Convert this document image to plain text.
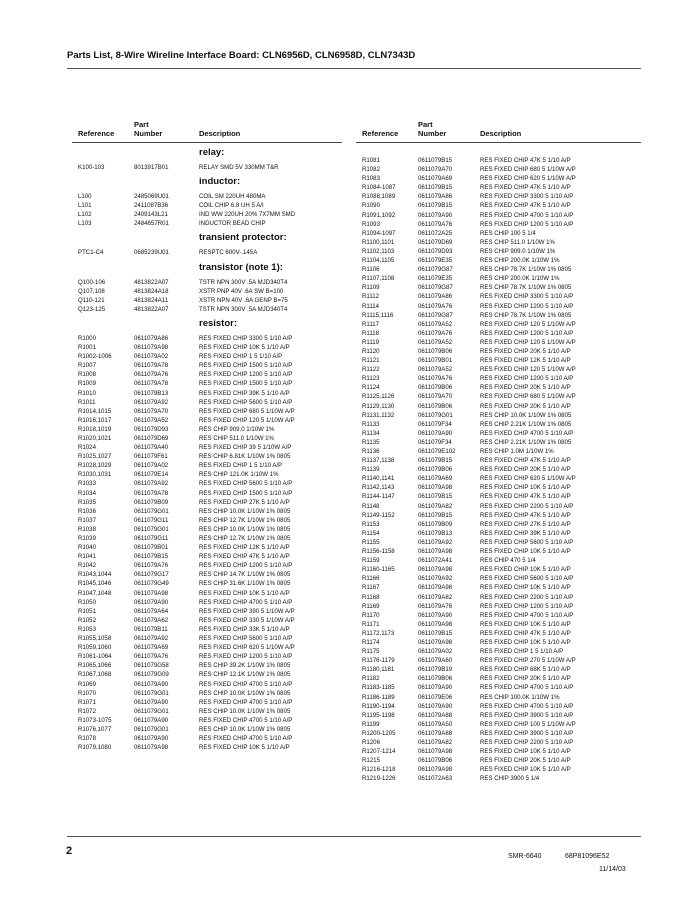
Parts List, 8-Wire Wireline Interface Board: CLN6956D, CLN6958D, CLN7343D
Reference
Part
Number	Description
relay:
K100-103	8013917B01	RELAY SMD 5V 330MM T&R
inductor:
L100	2485069U01	COIL SM 220UH 480MA
L101	2411087B36	COIL CHIP 6.8 UH 5 A/I
L102	2409143L21	IND WW 220UH 20% 7X7MM SMD
L103	2484657R01	INDUCTOR BEAD CHIP
transient protector:
PTC1-C4	0685239U01	RESPTC 600V-.145A
transistor (note 1):
Q100-106	4813822A07	TSTR NPN 300V .5A MJD340T4
Q107,108	4813824A18	XSTR PNP 40V .6A SW B=100
Q110-121	4813824A11	XSTR NPN 40V .6A GENP B=75
Q123-125	4813822A07	TSTR NPN 300V .5A MJD340T4
resistor:
R1000	0611079A86	RES FIXED CHIP 3300 5 1/10 A/P
R1001	0611079A98	RES FIXED CHIP 10K 5 1/10 A/P
R1002-1006	0611079A02	RES FIXED CHIP 1 5 1/10 A/P
R1007	0611079A78	RES FIXED CHIP 1500 5 1/10 A/P
R1008	0611079A76	RES FIXED CHIP 1200 5 1/10 A/P
R1009	0611079A78	RES FIXED CHIP 1500 5 1/10 A/P
R1010	0611079B13	RES FIXED CHIP 39K 5 1/10 A/P
R1011	0611079A92	RES FIXED CHIP 5600 5 1/10 A/P
R1014,1015	0611079A70	RES FIXED CHIP 680 5 1/10W A/P
R1016,1017	0611079A52	RES FIXED CHIP 120 5 1/10W A/P
R1018,1019	0611079D93	RES CHIP 909.0 1/10W 1%
R1020,1021	0611079D69	RES CHIP 511.0 1/10W 1%
R1024	0611079A40	RES FIXED CHIP 39 5 1/10W A/P
R1025,1027	0611079F61	RES CHIP 6.81K 1/10W 1% 0805
R1028,1029	0611079A02	RES FIXED CHIP 1 5 1/10 A/P
R1030,1031	0611079E14	RES CHIP 121.0K 1/10W 1%
R1033	0611079A92	RES FIXED CHIP 5600 5 1/10 A/P
R1034	0611079A78	RES FIXED CHIP 1500 5 1/10 A/P
R1035	0611079B09	RES FIXED CHIP 27K 5 1/10 A/P
R1036	0611079G01	RES CHIP 10.0K 1/10W 1% 0805
R1037	0611079G11	RES CHIP 12.7K 1/10W 1% 0805
R1038	0611079G01	RES CHIP 10.0K 1/10W 1% 0805
R1039	0611079G11	RES CHIP 12.7K 1/10W 1% 0805
R1040	0611079B01	RES FIXED CHIP 12K 5 1/10 A/P
R1041	0611079B15	RES FIXED CHIP 47K 5 1/10 A/P
R1042	0611079A76	RES FIXED CHIP 1200 5 1/10 A/P
R1043,1044	0611079G17	RES CHIP 14.7K 1/10W 1% 0805
R1045,1046	0611079G49	RES CHIP 31.6K 1/10W 1% 0805
R1047,1048	0611079A98	RES FIXED CHIP 10K 5 1/10 A/P
R1050	0611079A90	RES FIXED CHIP 4700 5 1/10 A/P
R1051	0611079A64	RES FIXED CHIP 390 5 1/10W A/P
R1052	0611079A62	RES FIXED CHIP 330 5 1/10W A/P
R1053	0611079B11	RES FIXED CHIP 33K 5 1/10 A/P
R1055,1058	0611079A92	RES FIXED CHIP 5600 5 1/10 A/P
R1059,1060	0611079A69	RES FIXED CHIP 620 5 1/10W A/P
R1061-1064	0611079A76	RES FIXED CHIP 1200 5 1/10 A/P
R1065,1066	0611079G58	RES CHIP 39.2K 1/10W 1% 0805
R1067,1068	0611079G09	RES CHIP 12.1K 1/10W 1% 0805
R1069	0611079A90	RES FIXED CHIP 4700 5 1/10 A/P
R1070	0611079G01	RES CHIP 10.0K 1/10W 1% 0805
R1071	0611079A90	RES FIXED CHIP 4700 5 1/10 A/P
R1072	0611079G01	RES CHIP 10.0K 1/10W 1% 0805
R1073-1075	0611079A90	RES FIXED CHIP 4700 5 1/10 A/P
R1076,1077	0611079G01	RES CHIP 10.0K 1/10W 1% 0805
R1078	0611079A90	RES FIXED CHIP 4700 5 1/10 A/P
R1079,1080	0611079A98	RES FIXED CHIP 10K 5 1/10 A/P
Reference
Part
Number	Description
R1081	0611079B15	RES FIXED CHIP 47K 5 1/10 A/P
R1082	0611079A70	RES FIXED CHIP 680 5 1/10W A/P
R1083	0611079A69	RES FIXED CHIP 620 5 1/10W A/P
R1084-1087	0611079B15	RES FIXED CHIP 47K 5 1/10 A/P
R1088,1089	0611079A86	RES FIXED CHIP 3300 5 1/10 A/P
R1090	0611079B15	RES FIXED CHIP 47K 5 1/10 A/P
R1091,1092	0611079A90	RES FIXED CHIP 4700 5 1/10 A/P
R1093	0611079A76	RES FIXED CHIP 1200 5 1/10 A/P
R1094-1097	0611072A25	RES CHIP 100 5 1/4
R1100,1101	0611079D69	RES CHIP 511.0 1/10W 1%
R1102,1103	0611079D93	RES CHIP 909.0 1/10W 1%
R1104,1105	0611079E35	RES CHIP 200.0K 1/10W 1%
R1106	0611079G87	RES CHIP 78.7K 1/10W 1% 0805
R1107,1108	0611079E35	RES CHIP 200.0K 1/10W 1%
R1109	0611079G87	RES CHIP 78.7K 1/10W 1% 0805
R1112	0611079A86	RES FIXED CHIP 3300 5 1/10 A/P
R1114	0611079A76	RES FIXED CHIP 1200 5 1/10 A/P
R1115,1116	0611079G87	RES CHIP 78.7K 1/10W 1% 0805
R1117	0611079A52	RES FIXED CHIP 120 5 1/10W A/P
R1118	0611079A76	RES FIXED CHIP 1200 5 1/10 A/P
R1119	0611079A52	RES FIXED CHIP 120 5 1/10W A/P
R1120	0611079B06	RES FIXED CHIP 20K 5 1/10 A/P
R1121	0611079B01	RES FIXED CHIP 12K 5 1/10 A/P
R1122	0611079A52	RES FIXED CHIP 120 5 1/10W A/P
R1123	0611079A76	RES FIXED CHIP 1200 5 1/10 A/P
R1124	0611079B06	RES FIXED CHIP 20K 5 1/10 A/P
R1125,1126	0611079A70	RES FIXED CHIP 680 5 1/10W A/P
R1129,1130	0611079B06	RES FIXED CHIP 20K 5 1/10 A/P
R1131,1132	0611079G01	RES CHIP 10.0K 1/10W 1% 0805
R1133	0611079F34	RES CHIP 2.21K 1/10W 1% 0805
R1134	0611079A90	RES FIXED CHIP 4700 5 1/10 A/P
R1135	0611079F34	RES CHIP 2.21K 1/10W 1% 0805
R1136	0611079E102	RES CHIP 1.0M 1/10W 1%
R1137,1138	0611079B15	RES FIXED CHIP 47K 5 1/10 A/P
R1139	0611079B06	RES FIXED CHIP 20K 5 1/10 A/P
R1140,1141	0611079A69	RES FIXED CHIP 620 5 1/10W A/P
R1142,1143	0611079A98	RES FIXED CHIP 10K 5 1/10 A/P
R1144-1147	0611079B15	RES FIXED CHIP 47K 5 1/10 A/P
R1148	0611079A82	RES FIXED CHIP 2200 5 1/10 A/P
R1149-1152	0611079B15	RES FIXED CHIP 47K 5 1/10 A/P
R1153	0611079B09	RES FIXED CHIP 27K 5 1/10 A/P
R1154	0611079B13	RES FIXED CHIP 39K 5 1/10 A/P
R1155	0611079A92	RES FIXED CHIP 5600 5 1/10 A/P
R1156-1158	0611079A98	RES FIXED CHIP 10K 5 1/10 A/P
R1159	0611072A41	RES CHIP 470 5 1/4
R1160-1165	0611079A98	RES FIXED CHIP 10K 5 1/10 A/P
R1166	0611079A92	RES FIXED CHIP 5600 5 1/10 A/P
R1167	0611079A98	RES FIXED CHIP 10K 5 1/10 A/P
R1168	0611079A82	RES FIXED CHIP 2200 5 1/10 A/P
R1169	0611079A76	RES FIXED CHIP 1200 5 1/10 A/P
R1170	0611079A90	RES FIXED CHIP 4700 5 1/10 A/P
R1171	0611079A98	RES FIXED CHIP 10K 5 1/10 A/P
R1172,1173	0611079B15	RES FIXED CHIP 47K 5 1/10 A/P
R1174	0611079A98	RES FIXED CHIP 10K 5 1/10 A/P
R1175	0611079A02	RES FIXED CHIP 1 5 1/10 A/P
R1176-1179	0611079A60	RES FIXED CHIP 270 5 1/10W A/P
R1180,1181	0611079B19	RES FIXED CHIP 68K 5 1/10 A/P
R1182	0611079B06	RES FIXED CHIP 20K 5 1/10 A/P
R1183-1185	0611079A90	RES FIXED CHIP 4700 5 1/10 A/P
R1186-1189	0611079E06	RES CHIP 100.0K 1/10W 1%
R1190-1194	0611079A90	RES FIXED CHIP 4700 5 1/10 A/P
R1195-1198	0611079A88	RES FIXED CHIP 3900 5 1/10 A/P
R1199	0611079A50	RES FIXED CHIP 100 5 1/10W A/P
R1200-1205	0611079A88	RES FIXED CHIP 3900 5 1/10 A/P
R1206	0611079A82	RES FIXED CHIP 2200 5 1/10 A/P
R1207-1214	0611079A98	RES FIXED CHIP 10K 5 1/10 A/P
R1215	0611079B06	RES FIXED CHIP 20K 5 1/10 A/P
R1216-1218	0611079A98	RES FIXED CHIP 10K 5 1/10 A/P
R1219-1226	0611072A63	RES CHIP 3900 5 1/4
2	SMR-6640	68P81096E52
11/14/03
